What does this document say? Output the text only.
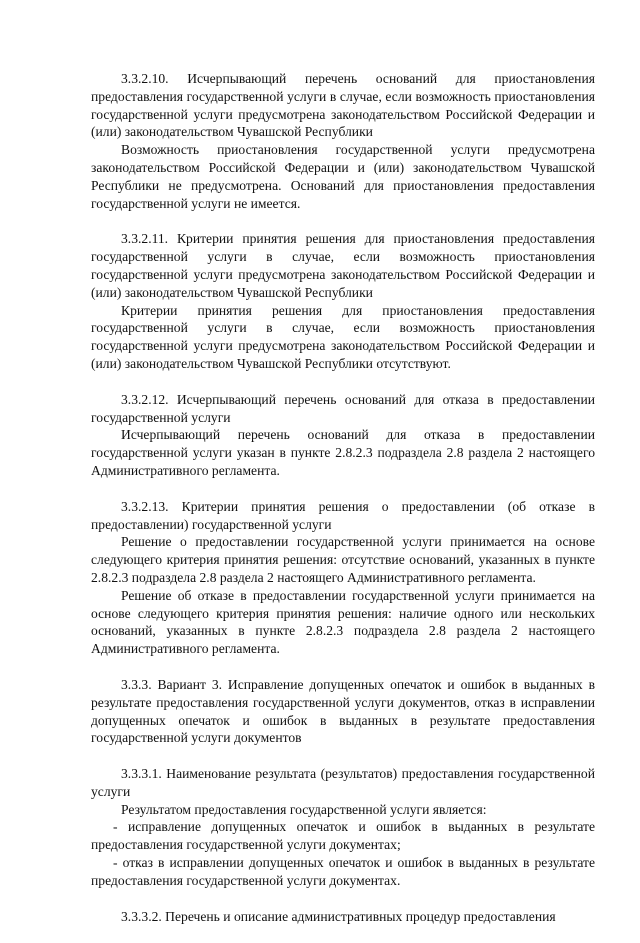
3.3.2.10. Исчерпывающий перечень оснований для приостановления предоставления государственной услуги в случае, если возможность приостановления государственной услуги предусмотрена законодательством Российской Федерации и (или) законодательством Чувашской Республики

Возможность приостановления государственной услуги предусмотрена законодательством Российской Федерации и (или) законодательством Чувашской Республики не предусмотрена. Оснований для приостановления предоставления государственной услуги не имеется.

3.3.2.11. Критерии принятия решения для приостановления предоставления государственной услуги в случае, если возможность приостановления государственной услуги предусмотрена законодательством Российской Федерации и (или) законодательством Чувашской Республики

Критерии принятия решения для приостановления предоставления государственной услуги в случае, если возможность приостановления государственной услуги предусмотрена законодательством Российской Федерации и (или) законодательством Чувашской Республики отсутствуют.

3.3.2.12. Исчерпывающий перечень оснований для отказа в предоставлении государственной услуги

Исчерпывающий перечень оснований для отказа в предоставлении государственной услуги указан в пункте 2.8.2.3 подраздела 2.8 раздела 2 настоящего Административного регламента.

3.3.2.13. Критерии принятия решения о предоставлении (об отказе в предоставлении) государственной услуги

Решение о предоставлении государственной услуги принимается на основе следующего критерия принятия решения: отсутствие оснований, указанных в пункте 2.8.2.3 подраздела 2.8 раздела 2 настоящего Административного регламента.

Решение об отказе в предоставлении государственной услуги принимается на основе следующего критерия принятия решения: наличие одного или нескольких оснований, указанных в пункте 2.8.2.3 подраздела 2.8 раздела 2 настоящего Административного регламента.

3.3.3. Вариант 3. Исправление допущенных опечаток и ошибок в выданных в результате предоставления государственной услуги документов, отказ в исправлении допущенных опечаток и ошибок в выданных в результате предоставления государственной услуги документов

3.3.3.1. Наименование результата (результатов) предоставления государственной услуги

Результатом предоставления государственной услуги является:

- исправление допущенных опечаток и ошибок в выданных в результате предоставления государственной услуги документах;

- отказ в исправлении допущенных опечаток и ошибок в выданных в результате предоставления государственной услуги документах.

3.3.3.2. Перечень и описание административных процедур предоставления
